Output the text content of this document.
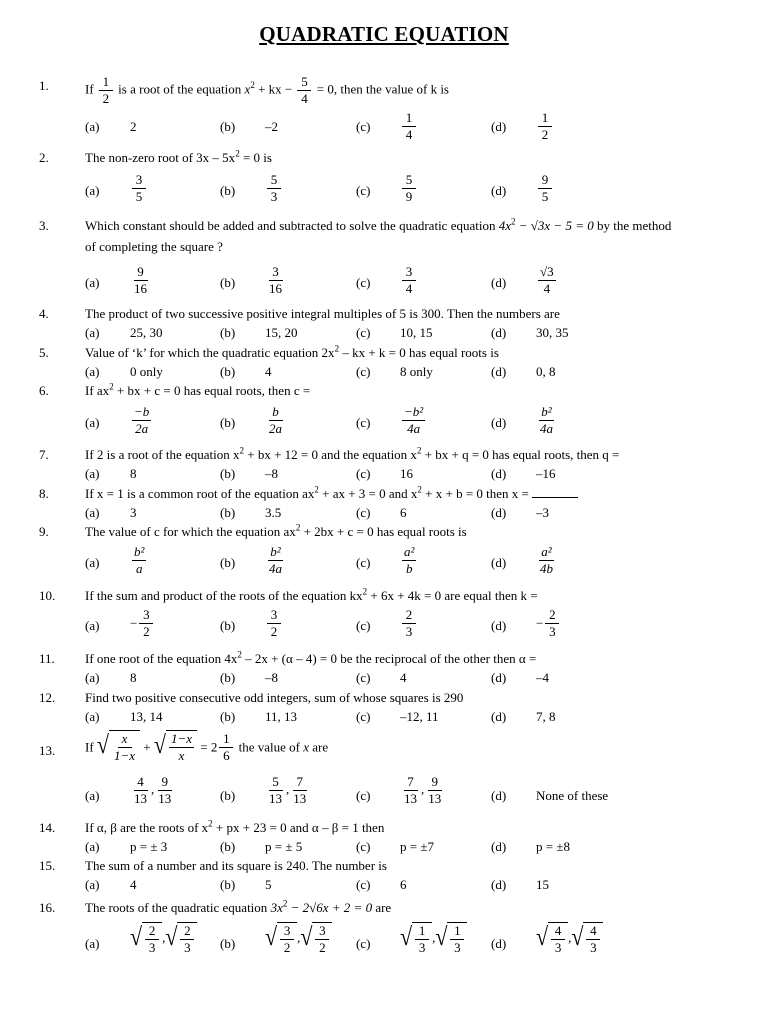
QUADRATIC EQUATION
1.	If $\frac{1}{2}$ is a root of the equation $x^2$ + kx − $\frac{5}{4} = 0$, then the value of k is
(a) 2	(b) –2	$(c) \frac{1}{4}$	$(d) \frac{1}{2}$
2.	The non-zero root of $3x - 5x^2 = 0$ is
(a)	$\frac{3}{5}$	$(b) \frac{5}{3}$	$(c) \frac{5}{9}$	$(d) \frac{9}{5}$
3.	Which constant should be added and subtracted to solve the quadratic equation $4x^2 - √3x - 5 = 0$ by the method
of completing the square ?
(a)	$\frac{9}{16}$	$(b) \frac{3}{16}$	$(c) \frac{3}{4}$	$(d) \frac{√3}{4}$
4.	The product of two successive positive integral multiples of 5 is 300. Then the numbers are
(a) 25, 30	(b) 15, 20	(c) 10, 15	(d) 30, 35
5.	Value of ‘k’ for which the quadratic equation $2x^2$ – kx + k = 0 has equal roots is
(a) 0 only	(b) 4	(c) 8 only	(d) 0, 8
6.	If $ax^2$ + bx + c = 0 has equal roots, then c =
(a)	$\frac{-b}{2a}$	$(b) \frac{b}{2a}$	$(c) \frac{\text{−b²}}{4a}$	$(d) \frac{\text{b²}}{4a}$
7.	If 2 is a root of the equation $x^2$ + bx + 12 = 0 and the equation $x^2$ + bx + q = 0 has equal roots, then q =
(a) 8	(b) –8	(c) 16	(d) –16
8.	If x = 1 is a common root of the equation $ax^2$ + ax + 3 = 0 and $x^2 + x + b = 0$ then x =
(a) 3	(b) 3.5	(c) 6	(d) –3
9.	The value of c for which the equation $ax^2 + 2bx + c = 0$ has equal roots is
(a)	$\frac{\text{b²}}{a}$	$(b) \frac{\text{b²}}{4a}$	$(c) \frac{\text{a²}}{b}$	$(d) \frac{\text{a²}}{4b}$
10. If the sum and product of the roots of the equation $kx^2 + 6x + 4k = 0$ are equal then k =
$(a) - \frac{3}{2}$	$(b) \frac{3}{2}$	$(c) \frac{2}{3}$	$(d) - \frac{2}{3}$
11. If one root of the equation $4x^2 - 2x + (\alpha - 4) = 0$ be the reciprocal of the other then α =
(a) 8	(b) –8	(c) 4	(d) –4
12. Find two positive consecutive odd integers, sum of whose squares is 290
(a) 13, 14	(b) 11, 13	(c) –12, 11	(d) 7, 8
13. If √ $\frac{x}{1-x}$ + √ $\frac{1-x}{x} = 2 \frac{1}{6}$ the value of x are
(a)	$\frac{4}{13}$ , $\frac{9}{13}$	$(b) \frac{5}{13}$ , $\frac{7}{13}$	$(c) \frac{7}{13}$ , $\frac{9}{13}$	(d) None of these
14. If α, β are the roots of $x^2$ + px + 23 = 0 and α – β = 1 then
(a) p = ± 3	(b) p = ± 5	(c) p = ±7	(d) p = ±8
15. The sum of a number and its square is 240. The number is
(a) 4	(b) 5	(c) 6	(d) 15
16. The roots of the quadratic equation $3x^2 - 2√6x + 2 = 0$ are
(a) √ $\frac{2}{3}$ , √ $\frac{2}{3} (b)$ √ $\frac{3}{2}$ , √ $\frac{3}{2} (c)$ √ $\frac{1}{3}$ , √ $\frac{1}{3} (d)$ √ $\frac{4}{3}$ , √ $\frac{4}{3}$
